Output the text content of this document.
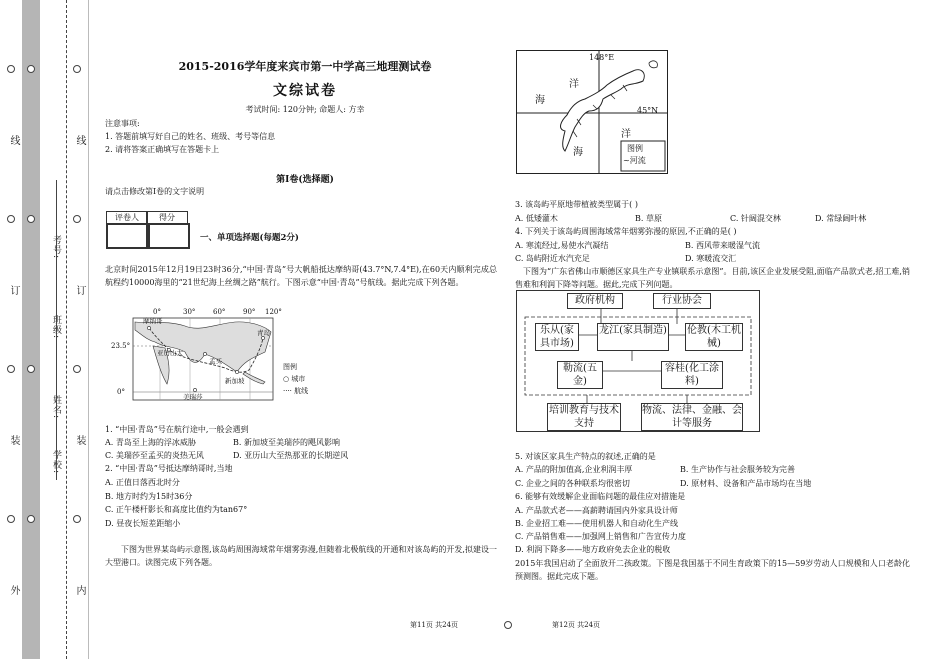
外
装
订
线
内
装
订
线
学校:
姓名:
班级:
考号:
2015-2016学年度来宾市第一中学高三地理测试卷
文综试卷
考试时间: 120分钟; 命题人: 方幸
注意事项:
1. 答题前填写好自己的姓名、班级、考号等信息
2. 请将答案正确填写在答题卡上
第I卷(选择题)
请点击修改第I卷的文字说明
评卷人	得分
一、单项选择题(每题2分)
北京时间2015年12月19日23时36分,“中国·青岛”号大帆船抵达摩纳哥(43.7°N,7.4°E),在60天内顺利完成总航程约10000海里的“21世纪海上丝绸之路”航行。下图示意“中国·青岛”号航线。据此完成下列各题。
0°	30°	60°	90° 120°
23.5°
0°
摩纳哥
亚历山大
孟买
新加坡
美瑞莎
青岛
图例
○ 城市
···· 航线
1. “中国·青岛”号在航行途中,一般会遇到
A. 青岛至上海的浮冰威胁	B. 新加坡至美瑞莎的飓风影响
C. 美瑞莎至孟买的炎热无风	D. 亚历山大至热那亚的长期逆风
2. “中国·青岛”号抵达摩纳哥时,当地
A. 正值日落西北时分
B. 地方时约为15时36分
C. 正午楼杆影长和高度比值约为tan67°
D. 昼夜长短差距缩小
下图为世界某岛屿示意图,该岛屿周围海域常年烟雾弥漫,但随着北极航线的开通和对该岛屿的开发,拟建设一大型港口。读图完成下列各题。
第11页 共24页	第12页 共24页
148°E
45°N
海
洋
海
洋
图例
~河流
3. 该岛屿平原地带植被类型属于( )
A. 低矮灌木	B. 草原	C. 针阔混交林	D. 常绿阔叶林
4. 下列关于该岛屿周围海域常年烟雾弥漫的原因,不正确的是( )
A. 寒流经过,易使水汽凝结	B. 西风带来暖湿气流
C. 岛屿附近水汽充足	D. 寒暖流交汇
下图为“广东省佛山市顺德区家具生产专业镇联系示意图”。目前,该区企业发展受阻,面临产品款式老,招工难,销售难和利润下降等问题。据此,完成下列问题。
政府机构	行业协会
乐从(家具市场)
龙江(家具制造) 伦教(木工机械)
勒流(五金)
容桂(化工涂料)
培训教育与技术支持
物流、法律、金融、会计等服务
5. 对该区家具生产特点的叙述,正确的是
A. 产品的附加值高,企业利润丰厚	B. 生产协作与社会服务较为完善
C. 企业之间的各种联系均很密切	D. 原材料、设备和产品市场均在当地
6. 能够有效缓解企业面临问题的最佳应对措施是
A. 产品款式老——高薪聘请国内外家具设计师
B. 企业招工难——使用机器人和自动化生产线
C. 产品销售难——加强网上销售和广告宣传力度
D. 利润下降多——地方政府免去企业的税收
2015年我国启动了全面放开二孩政策。下图是我国基于不同生育政策下的15—59岁劳动人口规模和人口老龄化预测图。据此完成下题。
